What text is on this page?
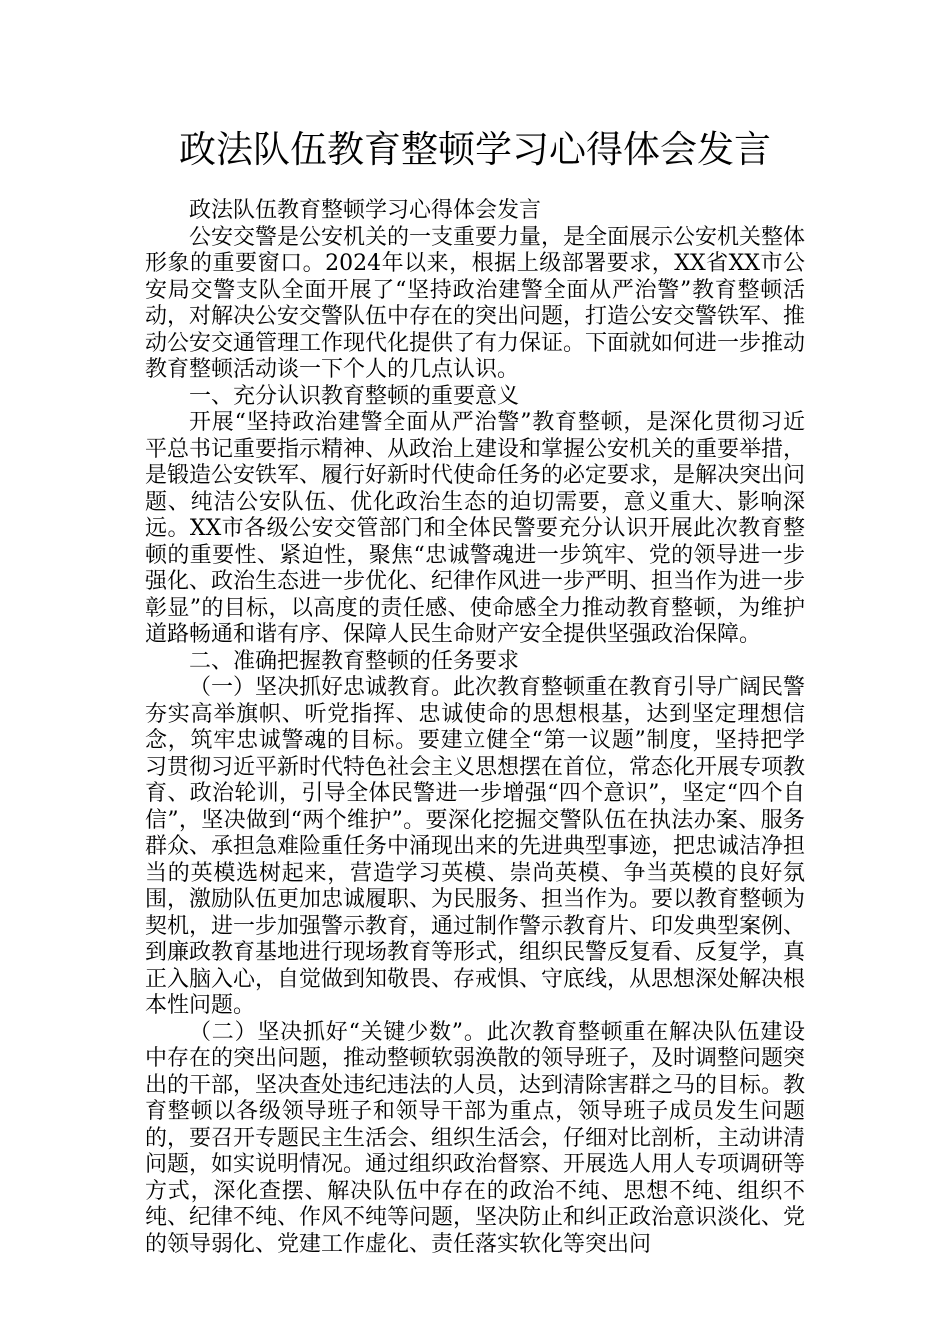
政法队伍教育整顿学习心得体会发言

政法队伍教育整顿学习心得体会发言

公安交警是公安机关的一支重要力量，是全面展示公安机关整体形象的重要窗口。2024年以来，根据上级部署要求，XX省XX市公安局交警支队全面开展了“坚持政治建警全面从严治警”教育整顿活动，对解决公安交警队伍中存在的突出问题，打造公安交警铁军、推动公安交通管理工作现代化提供了有力保证。下面就如何进一步推动教育整顿活动谈一下个人的几点认识。

一、充分认识教育整顿的重要意义

开展“坚持政治建警全面从严治警”教育整顿，是深化贯彻习近平总书记重要指示精神、从政治上建设和掌握公安机关的重要举措，是锻造公安铁军、履行好新时代使命任务的必定要求，是解决突出问题、纯洁公安队伍、优化政治生态的迫切需要，意义重大、影响深远。XX市各级公安交管部门和全体民警要充分认识开展此次教育整顿的重要性、紧迫性，聚焦“忠诚警魂进一步筑牢、党的领导进一步强化、政治生态进一步优化、纪律作风进一步严明、担当作为进一步彰显”的目标，以高度的责任感、使命感全力推动教育整顿，为维护道路畅通和谐有序、保障人民生命财产安全提供坚强政治保障。

二、准确把握教育整顿的任务要求

（一）坚决抓好忠诚教育。此次教育整顿重在教育引导广阔民警夯实高举旗帜、听党指挥、忠诚使命的思想根基，达到坚定理想信念，筑牢忠诚警魂的目标。要建立健全“第一议题”制度，坚持把学习贯彻习近平新时代特色社会主义思想摆在首位，常态化开展专项教育、政治轮训，引导全体民警进一步增强“四个意识”，坚定“四个自信”，坚决做到“两个维护”。要深化挖掘交警队伍在执法办案、服务群众、承担急难险重任务中涌现出来的先进典型事迹，把忠诚洁净担当的英模选树起来，营造学习英模、崇尚英模、争当英模的良好氛围，激励队伍更加忠诚履职、为民服务、担当作为。要以教育整顿为契机，进一步加强警示教育，通过制作警示教育片、印发典型案例、到廉政教育基地进行现场教育等形式，组织民警反复看、反复学，真正入脑入心，自觉做到知敬畏、存戒惧、守底线，从思想深处解决根本性问题。

（二）坚决抓好“关键少数”。此次教育整顿重在解决队伍建设中存在的突出问题，推动整顿软弱涣散的领导班子，及时调整问题突出的干部，坚决查处违纪违法的人员，达到清除害群之马的目标。教育整顿以各级领导班子和领导干部为重点，领导班子成员发生问题的，要召开专题民主生活会、组织生活会，仔细对比剖析，主动讲清问题，如实说明情况。通过组织政治督察、开展选人用人专项调研等方式，深化查摆、解决队伍中存在的政治不纯、思想不纯、组织不纯、纪律不纯、作风不纯等问题，坚决防止和纠正政治意识淡化、党的领导弱化、党建工作虚化、责任落实软化等突出问
